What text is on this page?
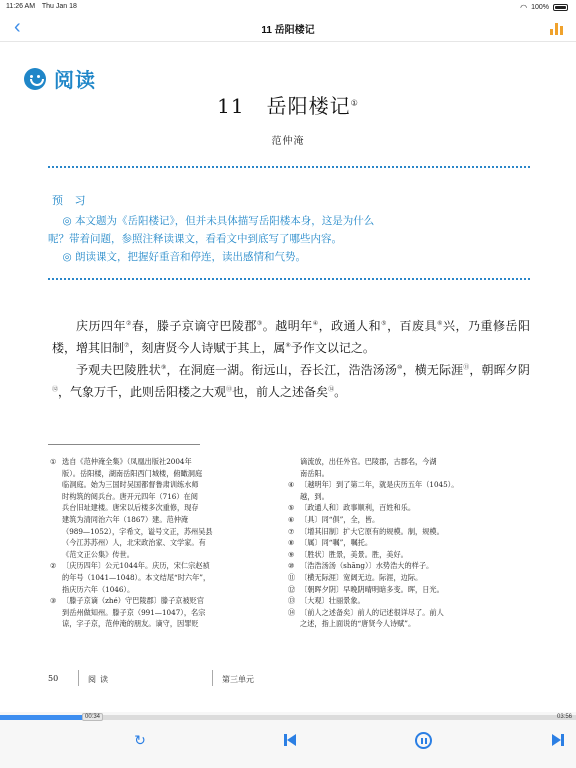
11:26 AM Thu Jan 18	◠ 100%
‹	11 岳阳楼记
阅读
11 岳阳楼记①
范仲淹
预 习

◎ 本文题为《岳阳楼记》，但并未具体描写岳阳楼本身，这是为什么

呢？带着问题，参照注释读课文，看看文中到底写了哪些内容。

◎ 朗读课文，把握好重音和停连，读出感情和气势。

庆历四年②春，滕子京谪守巴陵郡③。越明年④，政通人和⑤，百废具⑥兴，乃重修岳阳楼，增其旧制⑦，刻唐贤今人诗赋于其上，属⑧予作文以记之。

予观夫巴陵胜状⑨，在洞庭一湖。衔远山，吞长江，浩浩汤汤⑩，横无际涯⑪，朝晖夕阴⑫，气象万千，此则岳阳楼之大观⑬也，前人之述备矣⑭。

① 选自《范仲淹全集》（凤凰出版社2004年
版）。岳阳楼，湖南岳阳西门城楼，俯瞰洞庭
临洞庭。始为三国时吴国都督鲁肃训练水师
时构筑的阅兵台。唐开元四年（716）在阅
兵台旧址建楼。唐宋以后楼多次重修，现存
建筑为清同治六年（1867）建。范仲淹
（989—1052），字希文，谥号文正，苏州吴县
（今江苏苏州）人，北宋政治家、文学家。有
《范文正公集》传世。
② 〔庆历四年〕公元1044年。庆历，宋仁宗赵祯
的年号（1041—1048）。本文结尾“时六年”，
指庆历六年（1046）。
③ 〔滕子京谪（zhé）守巴陵郡〕滕子京被贬官
到岳州做知州。滕子京（991—1047），名宗
谅，字子京，范仲淹的朋友。谪守，因罪贬
谪流放，出任外官。巴陵郡，古郡名，今湖
南岳阳。
④ 〔越明年〕到了第二年，就是庆历五年（1045）。
越，到。
⑤ 〔政通人和〕政事顺利，百姓和乐。
⑥ 〔具〕同“俱”，全，皆。
⑦ 〔增其旧制〕扩大它原有的规模。制，规模。
⑧ 〔属〕同“嘱”，嘱托。
⑨ 〔胜状〕胜景，美景。胜，美好。
⑩ 〔浩浩汤汤（shāng）〕水势浩大的样子。
⑪ 〔横无际涯〕宽阔无边。际涯，边际。
⑫ 〔朝晖夕阴〕早晚阴晴明暗多变。晖，日光。
⑬ 〔大观〕壮丽景象。
⑭ 〔前人之述备矣〕前人的记述很详尽了。前人
之述，指上面说的“唐贤今人诗赋”。
50	阅读	第三单元
00:34	03:56
↻
